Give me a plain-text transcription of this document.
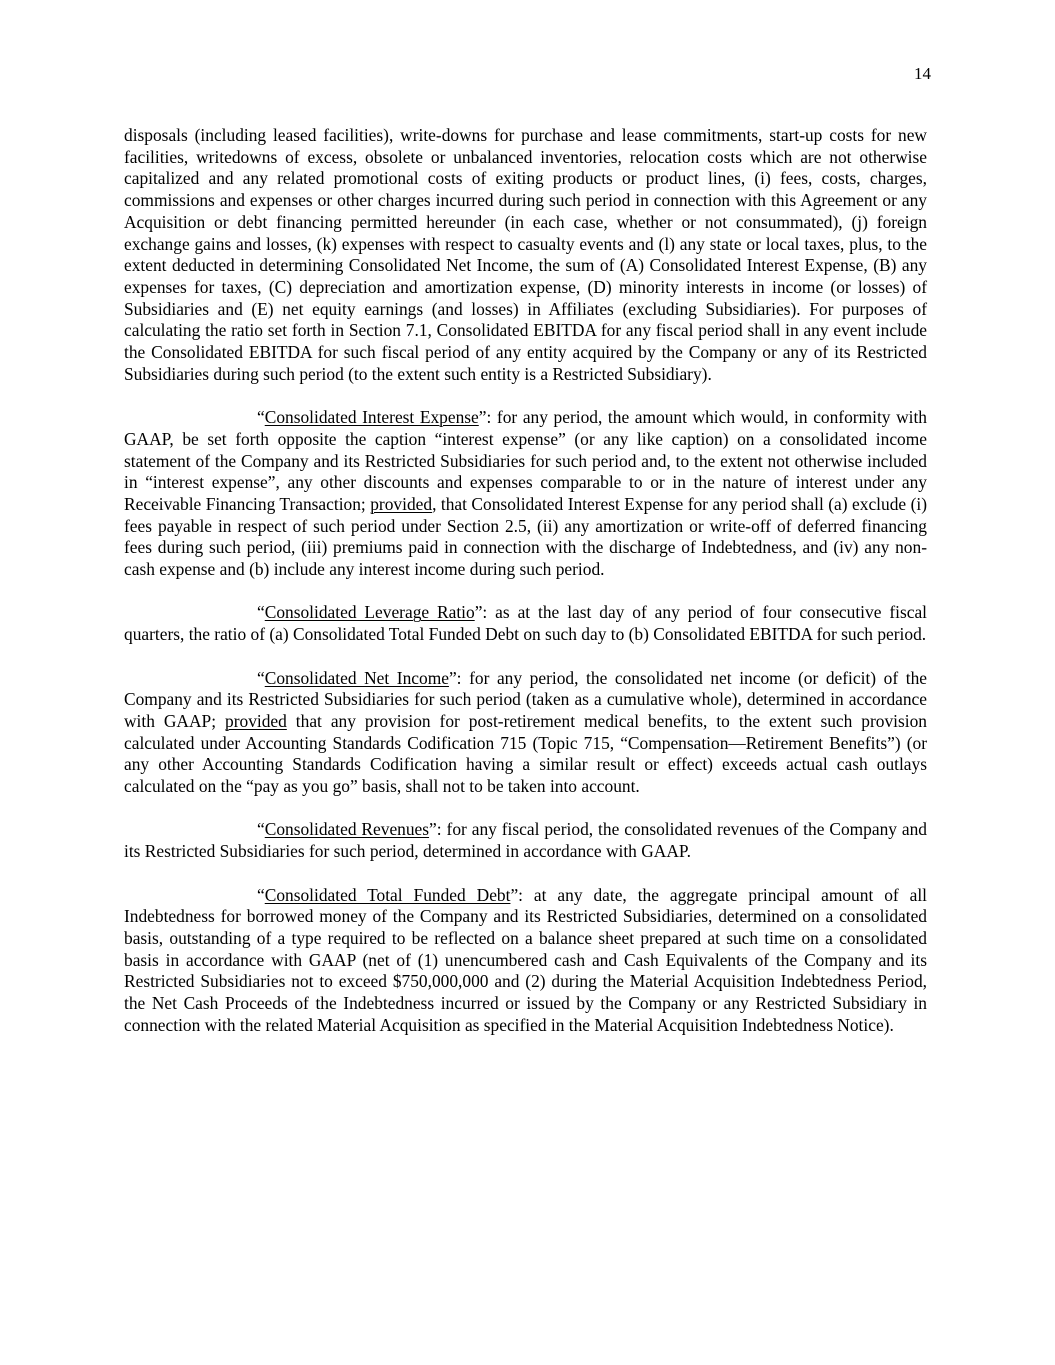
14

disposals (including leased facilities), write-downs for purchase and lease commitments, start-up costs for new facilities, writedowns of excess, obsolete or unbalanced inventories, relocation costs which are not otherwise capitalized and any related promotional costs of exiting products or product lines, (i) fees, costs, charges, commissions and expenses or other charges incurred during such period in connection with this Agreement or any Acquisition or debt financing permitted hereunder (in each case, whether or not consummated), (j) foreign exchange gains and losses, (k) expenses with respect to casualty events and (l) any state or local taxes, plus, to the extent deducted in determining Consolidated Net Income, the sum of (A) Consolidated Interest Expense, (B) any expenses for taxes, (C) depreciation and amortization expense, (D) minority interests in income (or losses) of Subsidiaries and (E) net equity earnings (and losses) in Affiliates (excluding Subsidiaries). For purposes of calculating the ratio set forth in Section 7.1, Consolidated EBITDA for any fiscal period shall in any event include the Consolidated EBITDA for such fiscal period of any entity acquired by the Company or any of its Restricted Subsidiaries during such period (to the extent such entity is a Restricted Subsidiary).

“Consolidated Interest Expense”: for any period, the amount which would, in conformity with GAAP, be set forth opposite the caption “interest expense” (or any like caption) on a consolidated income statement of the Company and its Restricted Subsidiaries for such period and, to the extent not otherwise included in “interest expense”, any other discounts and expenses comparable to or in the nature of interest under any Receivable Financing Transaction; provided, that Consolidated Interest Expense for any period shall (a) exclude (i) fees payable in respect of such period under Section 2.5, (ii) any amortization or write-off of deferred financing fees during such period, (iii) premiums paid in connection with the discharge of Indebtedness, and (iv) any non-cash expense and (b) include any interest income during such period.

“Consolidated Leverage Ratio”: as at the last day of any period of four consecutive fiscal quarters, the ratio of (a) Consolidated Total Funded Debt on such day to (b) Consolidated EBITDA for such period.

“Consolidated Net Income”: for any period, the consolidated net income (or deficit) of the Company and its Restricted Subsidiaries for such period (taken as a cumulative whole), determined in accordance with GAAP; provided that any provision for post-retirement medical benefits, to the extent such provision calculated under Accounting Standards Codification 715 (Topic 715, “Compensation—Retirement Benefits”) (or any other Accounting Standards Codification having a similar result or effect) exceeds actual cash outlays calculated on the “pay as you go” basis, shall not to be taken into account.

“Consolidated Revenues”: for any fiscal period, the consolidated revenues of the Company and its Restricted Subsidiaries for such period, determined in accordance with GAAP.

“Consolidated Total Funded Debt”: at any date, the aggregate principal amount of all Indebtedness for borrowed money of the Company and its Restricted Subsidiaries, determined on a consolidated basis, outstanding of a type required to be reflected on a balance sheet prepared at such time on a consolidated basis in accordance with GAAP (net of (1) unencumbered cash and Cash Equivalents of the Company and its Restricted Subsidiaries not to exceed $750,000,000 and (2) during the Material Acquisition Indebtedness Period, the Net Cash Proceeds of the Indebtedness incurred or issued by the Company or any Restricted Subsidiary in connection with the related Material Acquisition as specified in the Material Acquisition Indebtedness Notice).
